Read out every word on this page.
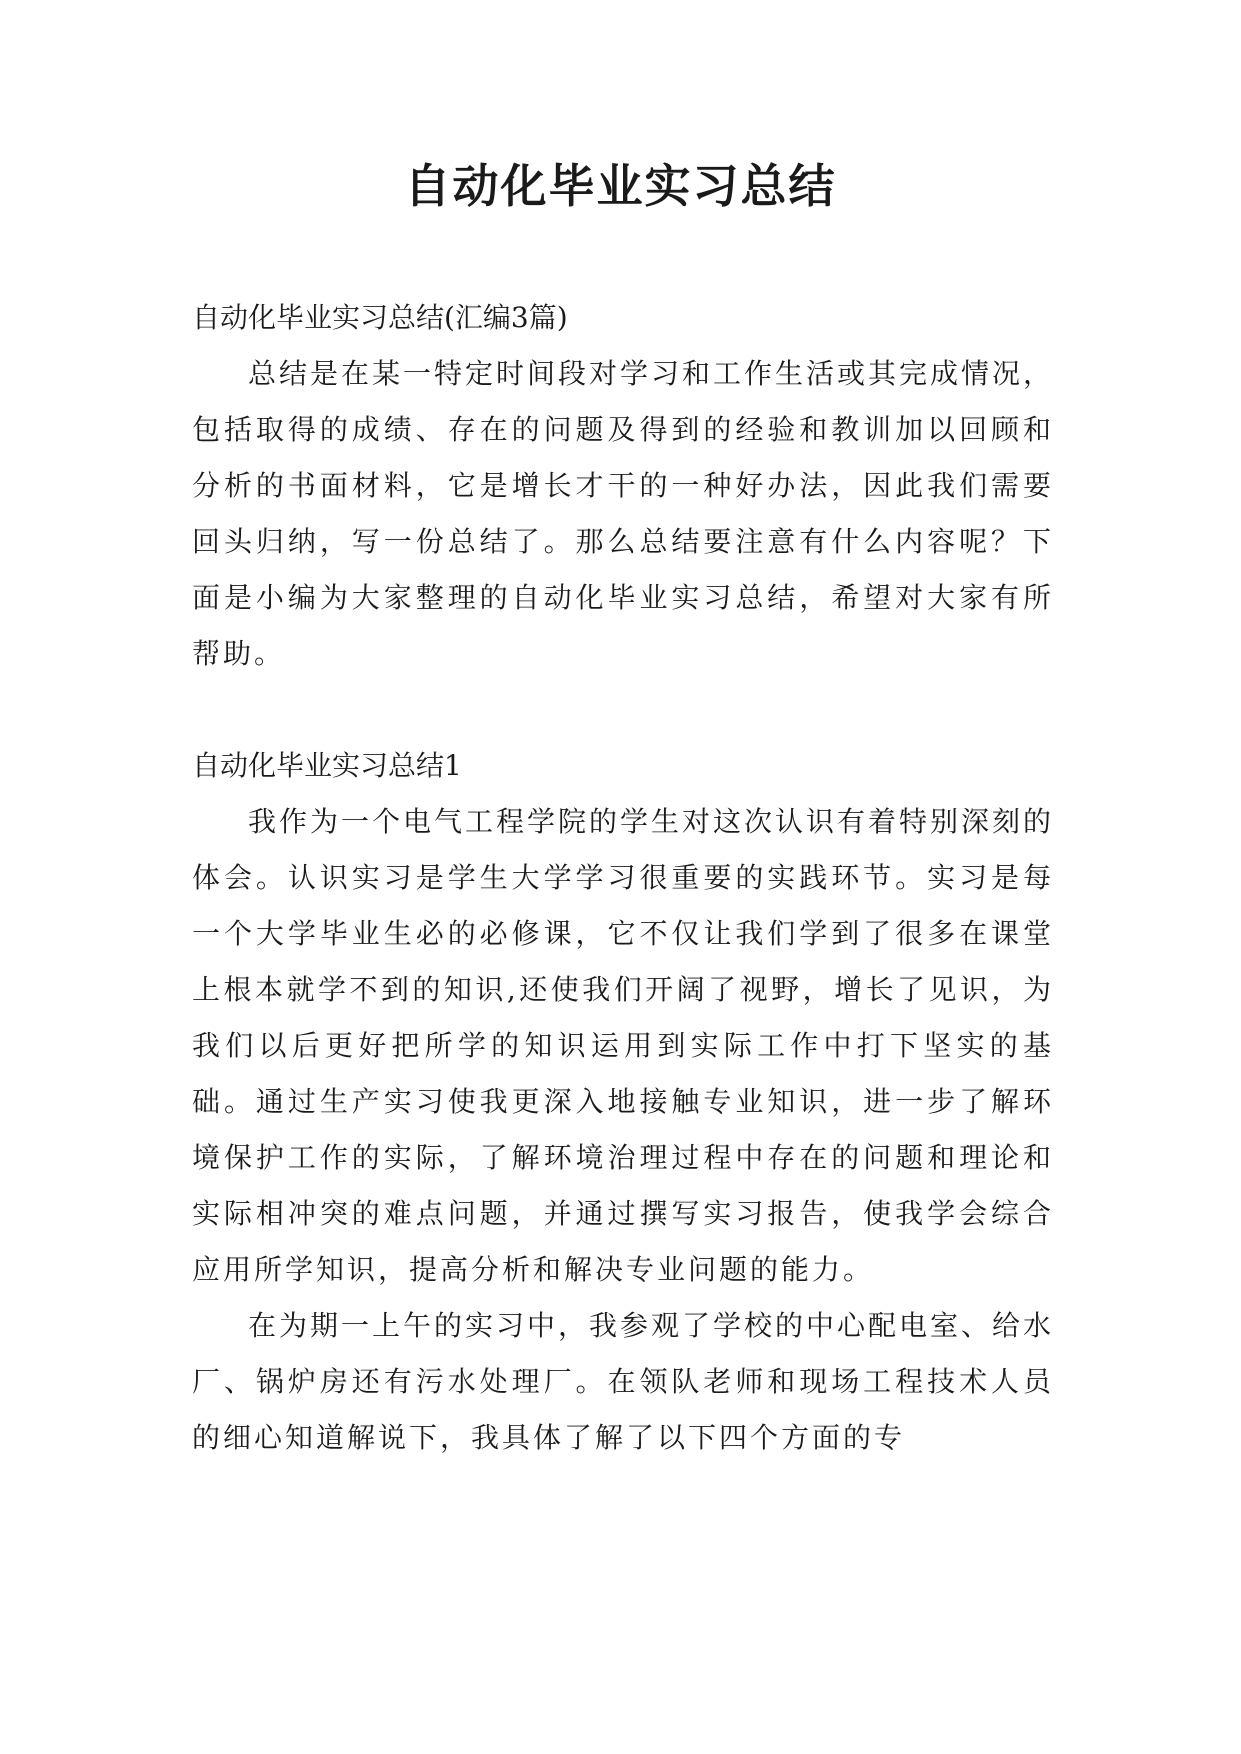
自动化毕业实习总结

自动化毕业实习总结(汇编3篇)

总结是在某一特定时间段对学习和工作生活或其完成情况，包括取得的成绩、存在的问题及得到的经验和教训加以回顾和分析的书面材料，它是增长才干的一种好办法，因此我们需要回头归纳，写一份总结了。那么总结要注意有什么内容呢？下面是小编为大家整理的自动化毕业实习总结，希望对大家有所帮助。

自动化毕业实习总结1

我作为一个电气工程学院的学生对这次认识有着特别深刻的体会。认识实习是学生大学学习很重要的实践环节。实习是每一个大学毕业生必的必修课，它不仅让我们学到了很多在课堂上根本就学不到的知识,还使我们开阔了视野，增长了见识，为我们以后更好把所学的知识运用到实际工作中打下坚实的基础。通过生产实习使我更深入地接触专业知识，进一步了解环境保护工作的实际，了解环境治理过程中存在的问题和理论和实际相冲突的难点问题，并通过撰写实习报告，使我学会综合应用所学知识，提高分析和解决专业问题的能力。

在为期一上午的实习中，我参观了学校的中心配电室、给水厂、锅炉房还有污水处理厂。在领队老师和现场工程技术人员的细心知道解说下，我具体了解了以下四个方面的专
